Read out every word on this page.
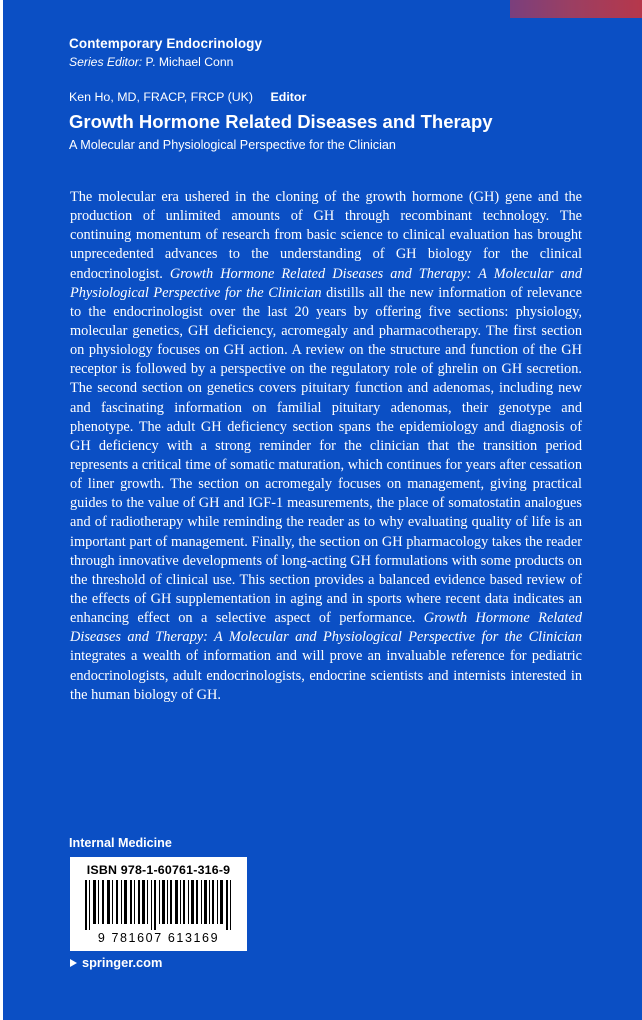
Contemporary Endocrinology
Series Editor: P. Michael Conn
Ken Ho, MD, FRACP, FRCP (UK) Editor
Growth Hormone Related Diseases and Therapy
A Molecular and Physiological Perspective for the Clinician
The molecular era ushered in the cloning of the growth hormone (GH) gene and the production of unlimited amounts of GH through recombinant technology. The continuing momentum of research from basic science to clinical evaluation has brought unprecedented advances to the understanding of GH biology for the clinical endocrinologist. Growth Hormone Related Diseases and Therapy: A Molecular and Physiological Perspective for the Clinician distills all the new information of relevance to the endocrinologist over the last 20 years by offering five sections: physiology, molecular genetics, GH deficiency, acromegaly and pharmacotherapy. The first section on physiology focuses on GH action. A review on the structure and function of the GH receptor is followed by a perspective on the regulatory role of ghrelin on GH secretion. The second section on genetics covers pituitary function and adenomas, including new and fascinating information on familial pituitary adenomas, their genotype and phenotype. The adult GH deficiency section spans the epidemiology and diagnosis of GH deficiency with a strong reminder for the clinician that the transition period represents a critical time of somatic maturation, which continues for years after cessation of liner growth. The section on acromegaly focuses on management, giving practical guides to the value of GH and IGF-1 measurements, the place of somatostatin analogues and of radiotherapy while reminding the reader as to why evaluating quality of life is an important part of management. Finally, the section on GH pharmacology takes the reader through innovative developments of long-acting GH formulations with some products on the threshold of clinical use. This section provides a balanced evidence based review of the effects of GH supplementation in aging and in sports where recent data indicates an enhancing effect on a selective aspect of performance. Growth Hormone Related Diseases and Therapy: A Molecular and Physiological Perspective for the Clinician integrates a wealth of information and will prove an invaluable reference for pediatric endocrinologists, adult endocrinologists, endocrine scientists and internists interested in the human biology of GH.
Internal Medicine
ISBN 978-1-60761-316-9
9 781607 613169
springer.com
